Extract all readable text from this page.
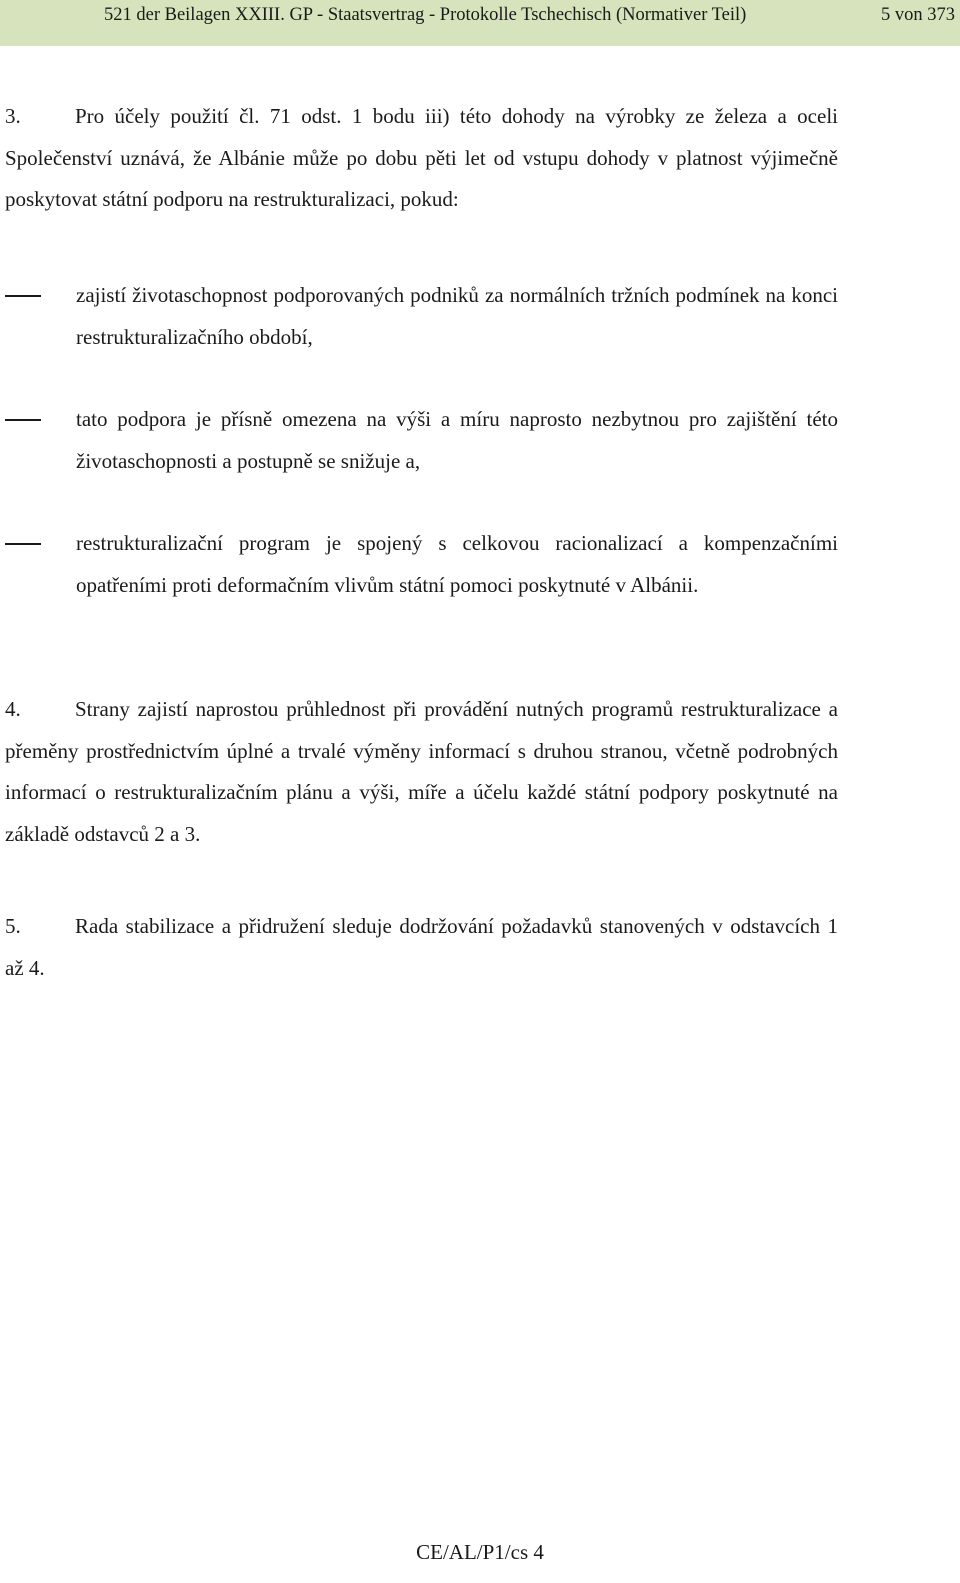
521 der Beilagen XXIII. GP - Staatsvertrag - Protokolle Tschechisch (Normativer Teil)	5 von 373

3.	Pro účely použití čl. 71 odst. 1 bodu iii) této dohody na výrobky ze železa a oceli Společenství uznává, že Albánie může po dobu pěti let od vstupu dohody v platnost výjimečně poskytovat státní podporu na restrukturalizaci, pokud:

zajistí životaschopnost podporovaných podniků za normálních tržních podmínek na konci restrukturalizačního období,
tato podpora je přísně omezena na výši a míru naprosto nezbytnou pro zajištění této životaschopnosti a postupně se snižuje a,
restrukturalizační program je spojený s celkovou racionalizací a kompenzačními opatřeními proti deformačním vlivům státní pomoci poskytnuté v Albánii.

4.	Strany zajistí naprostou průhlednost při provádění nutných programů restrukturalizace a přeměny prostřednictvím úplné a trvalé výměny informací s druhou stranou, včetně podrobných informací o restrukturalizačním plánu a výši, míře a účelu každé státní podpory poskytnuté na základě odstavců 2 a 3.

5.	Rada stabilizace a přidružení sleduje dodržování požadavků stanovených v odstavcích 1 až 4.

CE/AL/P1/cs 4
